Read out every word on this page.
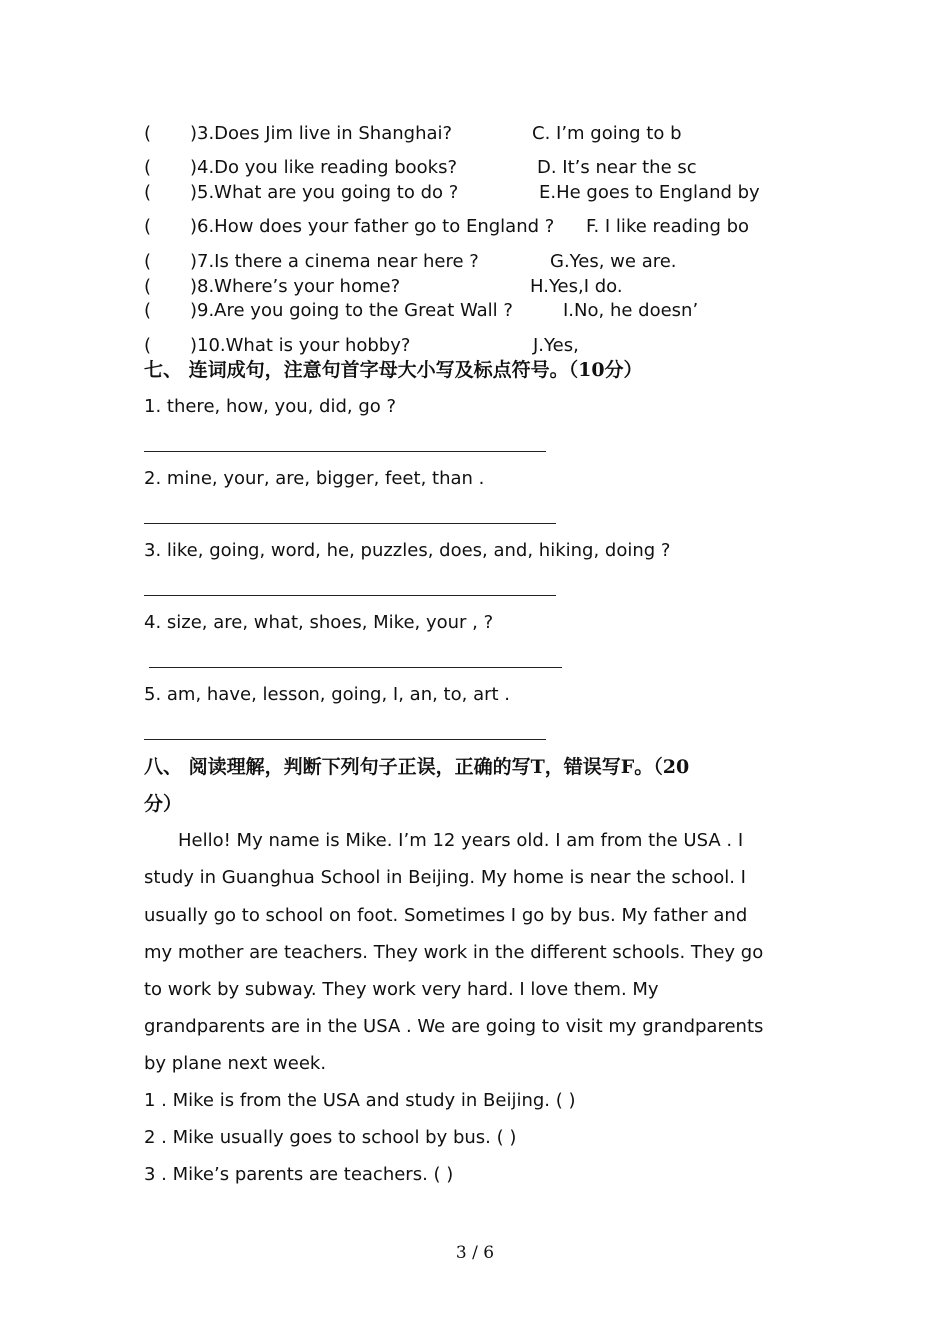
( ) 3.Does Jim live in Shanghai?	C. I’m going to b
( ) 4.Do you like reading books?	D. It’s near the sc
( ) 5.What are you going to do ?	E.He goes to England by
( ) 6.How does your father go to England ? F. I like reading bo
( ) 7.Is there a cinema near here ?	G.Yes, we are.
( ) 8.Where’s your home?	H.Yes,I do.
( ) 9.Are you going to the Great Wall ?	I.No, he doesn’
( ) 10.What is your hobby?	J.Yes,
七、 连词成句，注意句首字母大小写及标点符号。（10分）
1. there, how, you, did, go ?
2. mine, your, are, bigger, feet, than .
3. like, going, word, he, puzzles, does, and, hiking, doing ?
4. size, are, what, shoes, Mike, your , ?
5. am, have, lesson, going, I, an, to, art .
八、 阅读理解，判断下列句子正误，正确的写T，错误写F。（20
分）
Hello! My name is Mike. I’m 12 years old. I am from the USA . I
study in Guanghua School in Beijing. My home is near the school. I
usually go to school on foot. Sometimes I go by bus. My father and
my mother are teachers. They work in the different schools. They go
to work by subway. They work very hard. I love them. My
grandparents are in the USA . We are going to visit my grandparents
by plane next week.
1 . Mike is from the USA and study in Beijing. ( )
2 . Mike usually goes to school by bus. ( )
3 . Mike’s parents are teachers. ( )
3 / 6
